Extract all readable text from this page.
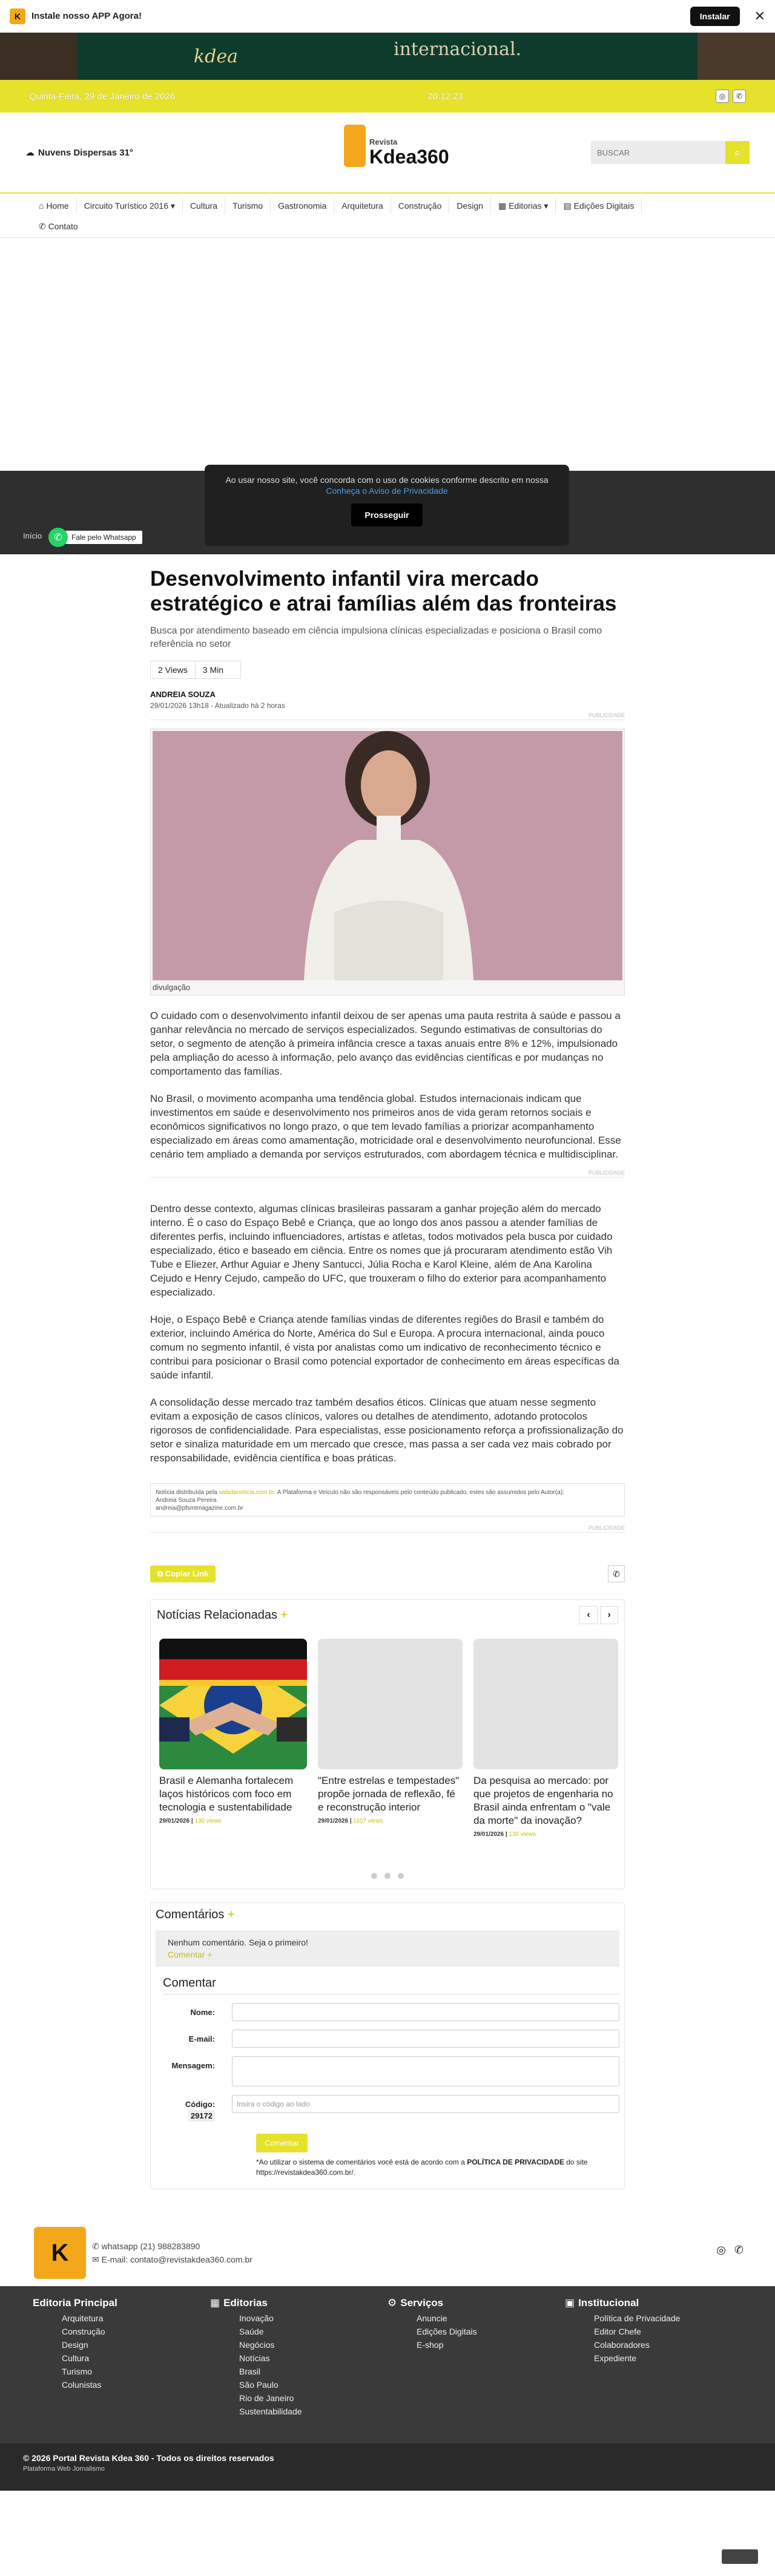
K	Instale nosso APP Agora!	Instalar	✕
kdea	internacional.
Quinta-Feira, 29 de Janeiro de 2026	20:12:23	◎	✆
☁ Nuvens Dispersas 31°
Revista
Kdea360
BUSCAR	⌕
⌂ Home	Circuito Turístico 2016 ▾	Cultura	Turismo	Gastronomia	Arquitetura	Construção	Design	▦ Editorias ▾	▤ Edições Digitais
✆ Contato
Início	✆	Fale pelo Whatsapp
Ao usar nosso site, você concorda com o uso de cookies conforme descrito em nossa
Conheça o Aviso de Privacidade
Prosseguir
Desenvolvimento infantil vira mercado estratégico e atrai famílias além das fronteiras
Busca por atendimento baseado em ciência impulsiona clínicas especializadas e posiciona o Brasil como referência no setor
2 Views	3 Min
ANDREIA SOUZA
29/01/2026 13h18 - Atualizado há 2 horas
PUBLICIDADE
divulgação

O cuidado com o desenvolvimento infantil deixou de ser apenas uma pauta restrita à saúde e passou a ganhar relevância no mercado de serviços especializados. Segundo estimativas de consultorias do setor, o segmento de atenção à primeira infância cresce a taxas anuais entre 8% e 12%, impulsionado pela ampliação do acesso à informação, pelo avanço das evidências científicas e por mudanças no comportamento das famílias.

No Brasil, o movimento acompanha uma tendência global. Estudos internacionais indicam que investimentos em saúde e desenvolvimento nos primeiros anos de vida geram retornos sociais e econômicos significativos no longo prazo, o que tem levado famílias a priorizar acompanhamento especializado em áreas como amamentação, motricidade oral e desenvolvimento neurofuncional. Esse cenário tem ampliado a demanda por serviços estruturados, com abordagem técnica e multidisciplinar.

PUBLICIDADE

Dentro desse contexto, algumas clínicas brasileiras passaram a ganhar projeção além do mercado interno. É o caso do Espaço Bebê e Criança, que ao longo dos anos passou a atender famílias de diferentes perfis, incluindo influenciadores, artistas e atletas, todos motivados pela busca por cuidado especializado, ético e baseado em ciência. Entre os nomes que já procuraram atendimento estão Vih Tube e Eliezer, Arthur Aguiar e Jheny Santucci, Júlia Rocha e Karol Kleine, além de Ana Karolina Cejudo e Henry Cejudo, campeão do UFC, que trouxeram o filho do exterior para acompanhamento especializado.

Hoje, o Espaço Bebê e Criança atende famílias vindas de diferentes regiões do Brasil e também do exterior, incluindo América do Norte, América do Sul e Europa. A procura internacional, ainda pouco comum no segmento infantil, é vista por analistas como um indicativo de reconhecimento técnico e contribui para posicionar o Brasil como potencial exportador de conhecimento em áreas específicas da saúde infantil.

A consolidação desse mercado traz também desafios éticos. Clínicas que atuam nesse segmento evitam a exposição de casos clínicos, valores ou detalhes de atendimento, adotando protocolos rigorosos de confidencialidade. Para especialistas, esse posicionamento reforça a profissionalização do setor e sinaliza maturidade em um mercado que cresce, mas passa a ser cada vez mais cobrado por responsabilidade, evidência científica e boas práticas.

Notícia distribuída pela saladanoticia.com.br. A Plataforma e Veículo não são responsáveis pelo conteúdo publicado, estes são assumidos pelo Autor(a):
Andreia Souza Pereira
andreia@pfsmtmagazine.com.br
PUBLICIDADE
⧉ Copiar Link	✆
Notícias Relacionadas +	‹	›
Brasil e Alemanha fortalecem laços históricos com foco em tecnologia e sustentabilidade
29/01/2026 | 130 views
"Entre estrelas e tempestades" propõe jornada de reflexão, fé e reconstrução interior
29/01/2026 | 1107 views
Da pesquisa ao mercado: por que projetos de engenharia no Brasil ainda enfrentam o "vale da morte" da inovação?
29/01/2026 | 130 views
Comentários +
Nenhum comentário. Seja o primeiro!
Comentar +
Comentar
Nome:
E-mail:
Mensagem:
Código:
29172
Insira o código ao lado
Comentar
*Ao utilizar o sistema de comentários você está de acordo com a POLÍTICA DE PRIVACIDADE do site https://revistakdea360.com.br/.
K	✆ whatsapp (21) 988283890
✉ E-mail: contato@revistakdea360.com.br
◎ ✆
Editoria Principal
Arquitetura
Construção
Design
Cultura
Turismo
Colunistas
▦ Editorias
Inovação
Saúde
Negócios
Notícias
Brasil
São Paulo
Rio de Janeiro
Sustentabilidade
⚙ Serviços
Anuncie
Edições Digitais
E-shop
▣ Institucional
Política de Privacidade
Editor Chefe
Colaboradores
Expediente
© 2026 Portal Revista Kdea 360 - Todos os direitos reservados
Plataforma Web Jornalismo
